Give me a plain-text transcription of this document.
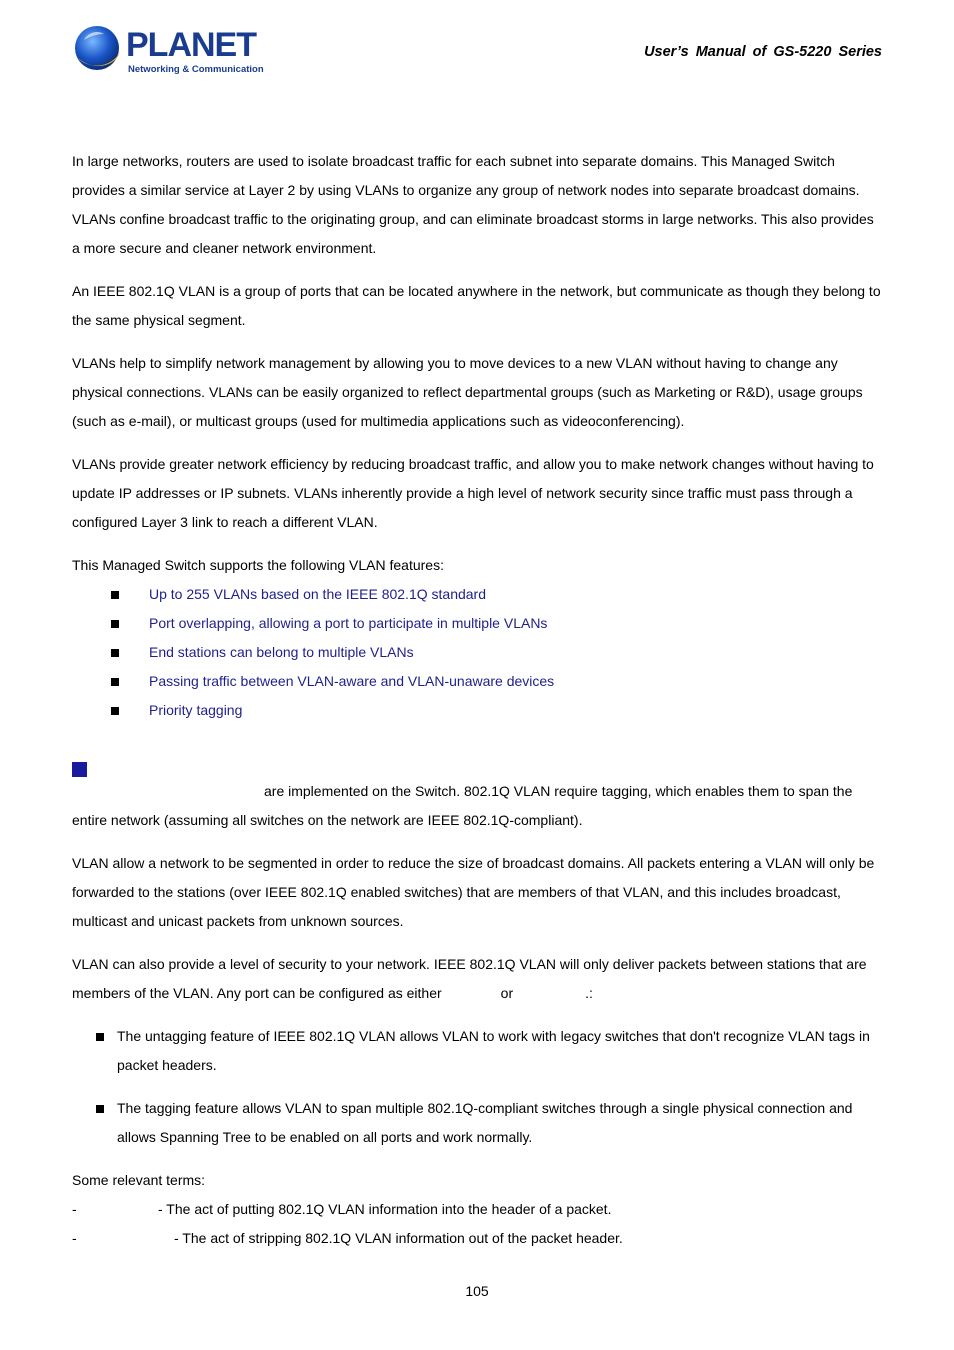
PLANET
Networking & Communication
User’s Manual of GS-5220 Series

In large networks, routers are used to isolate broadcast traffic for each subnet into separate domains. This Managed Switch provides a similar service at Layer 2 by using VLANs to organize any group of network nodes into separate broadcast domains. VLANs confine broadcast traffic to the originating group, and can eliminate broadcast storms in large networks. This also provides a more secure and cleaner network environment.

An IEEE 802.1Q VLAN is a group of ports that can be located anywhere in the network, but communicate as though they belong to the same physical segment.

VLANs help to simplify network management by allowing you to move devices to a new VLAN without having to change any physical connections. VLANs can be easily organized to reflect departmental groups (such as Marketing or R&D), usage groups (such as e-mail), or multicast groups (used for multimedia applications such as videoconferencing).

VLANs provide greater network efficiency by reducing broadcast traffic, and allow you to make network changes without having to update IP addresses or IP subnets. VLANs inherently provide a high level of network security since traffic must pass through a configured Layer 3 link to reach a different VLAN.

This Managed Switch supports the following VLAN features:

Up to 255 VLANs based on the IEEE 802.1Q standard
Port overlapping, allowing a port to participate in multiple VLANs
End stations can belong to multiple VLANs
Passing traffic between VLAN-aware and VLAN-unaware devices
Priority tagging

are implemented on the Switch. 802.1Q VLAN require tagging, which enables them to span the
entire network (assuming all switches on the network are IEEE 802.1Q-compliant).

VLAN allow a network to be segmented in order to reduce the size of broadcast domains. All packets entering a VLAN will only be forwarded to the stations (over IEEE 802.1Q enabled switches) that are members of that VLAN, and this includes broadcast, multicast and unicast packets from unknown sources.

VLAN can also provide a level of security to your network. IEEE 802.1Q VLAN will only deliver packets between stations that are
members of the VLAN. Any port can be configured as either	or	.:

The untagging feature of IEEE 802.1Q VLAN allows VLAN to work with legacy switches that don't recognize VLAN tags in packet headers.
The tagging feature allows VLAN to span multiple 802.1Q-compliant switches through a single physical connection and allows Spanning Tree to be enabled on all ports and work normally.

Some relevant terms:

-	- The act of putting 802.1Q VLAN information into the header of a packet.
-	- The act of stripping 802.1Q VLAN information out of the packet header.
105
